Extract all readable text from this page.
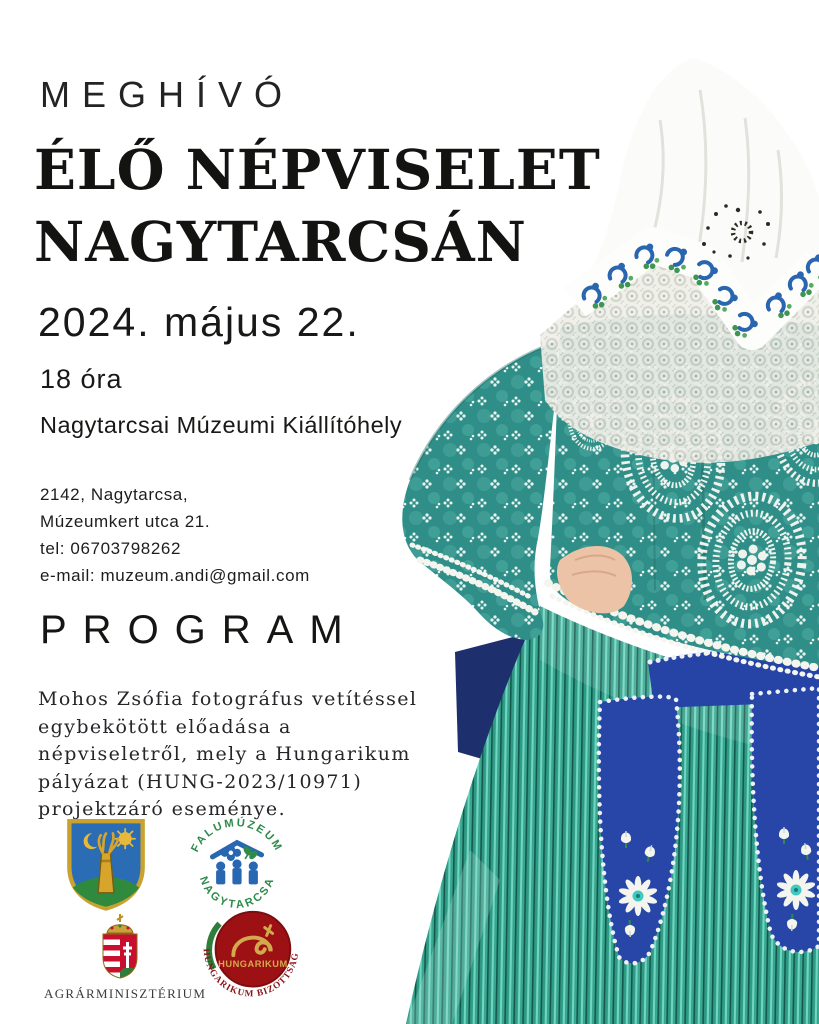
MEGHÍVÓ
ÉLŐ NÉPVISELET
NAGYTARCSÁN
2024. május 22.
18 óra
Nagytarcsai Múzeumi Kiállítóhely
2142, Nagytarcsa,
Múzeumkert utca 21.
tel: 06703798262
e-mail: muzeum.andi@gmail.com
PROGRAM
Mohos Zsófia fotográfus vetítéssel egybekötött előadása a népviseletről, mely a Hungarikum pályázat (HUNG-2023/10971) projektzáró eseménye.
FALUMÚZEUM
NAGYTARCSA
AGRÁRMINISZTÉRIUM
HUNGARIKUM
HUNGARIKUM BIZOTTSÁG
